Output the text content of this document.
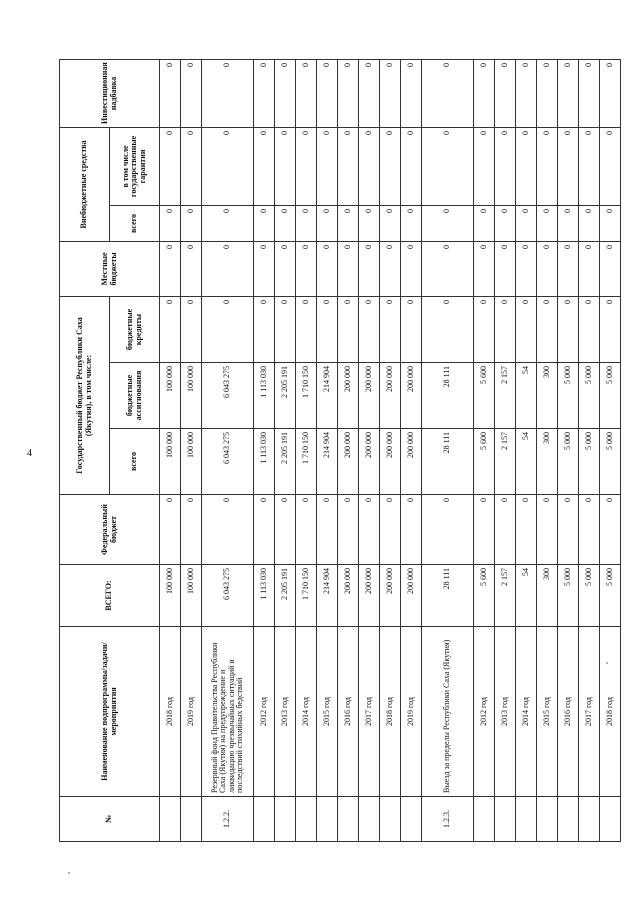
4
№	Наименование подпрограммы/задачи/мероприятия	ВСЕГО:	Федеральный бюджет	Государственный бюджет Республики Саха (Якутия), в том числе:			Местные бюджеты	Внебюджетные средства		Инвестиционная надбавка
				всего	бюджетные ассигнования	бюджетные кредиты		всего	в том числе государственные гарантии	
	2018 год	100 000	0	100 000	100 000	0	0	0	0	0
	2019 год	100 000	0	100 000	100 000	0	0	0	0	0
1.2.2.	Резервный фонд Правительства Республики Саха (Якутия) на предупреждение и ликвидацию чрезвычайных ситуаций и последствий стихийных бедствий	6 043 275	0	6 043 275	6 043 275	0	0	0	0	0
	2012 год	1 113 030	0	1 113 030	1 113 030	0	0	0	0	0
	2013 год	2 205 191	0	2 205 191	2 205 191	0	0	0	0	0
	2014 год	1 710 150	0	1 710 150	1 710 150	0	0	0	0	0
	2015 год	214 904	0	214 904	214 904	0	0	0	0	0
	2016 год	200 000	0	200 000	200 000	0	0	0	0	0
	2017 год	200 000	0	200 000	200 000	0	0	0	0	0
	2018 год	200 000	0	200 000	200 000	0	0	0	0	0
	2019 год	200 000	0	200 000	200 000	0	0	0	0	0
1.2.3.	Выезд за пределы Республики Саха (Якутия)	28 111	0	28 111	28 111	0	0	0	0	0
	2012 год	5 600	0	5 600	5 600	0	0	0	0	0
	2013 год	2 157	0	2 157	2 157	0	0	0	0	0
	2014 год	54	0	54	54	0	0	0	0	0
	2015 год	300	0	300	300	0	0	0	0	0
	2016 год	5 000	0	5 000	5 000	0	0	0	0	0
	2017 год	5 000	0	5 000	5 000	0	0	0	0	0
	2018 год	5 000	0	5 000	5 000	0	0	0	0	0
